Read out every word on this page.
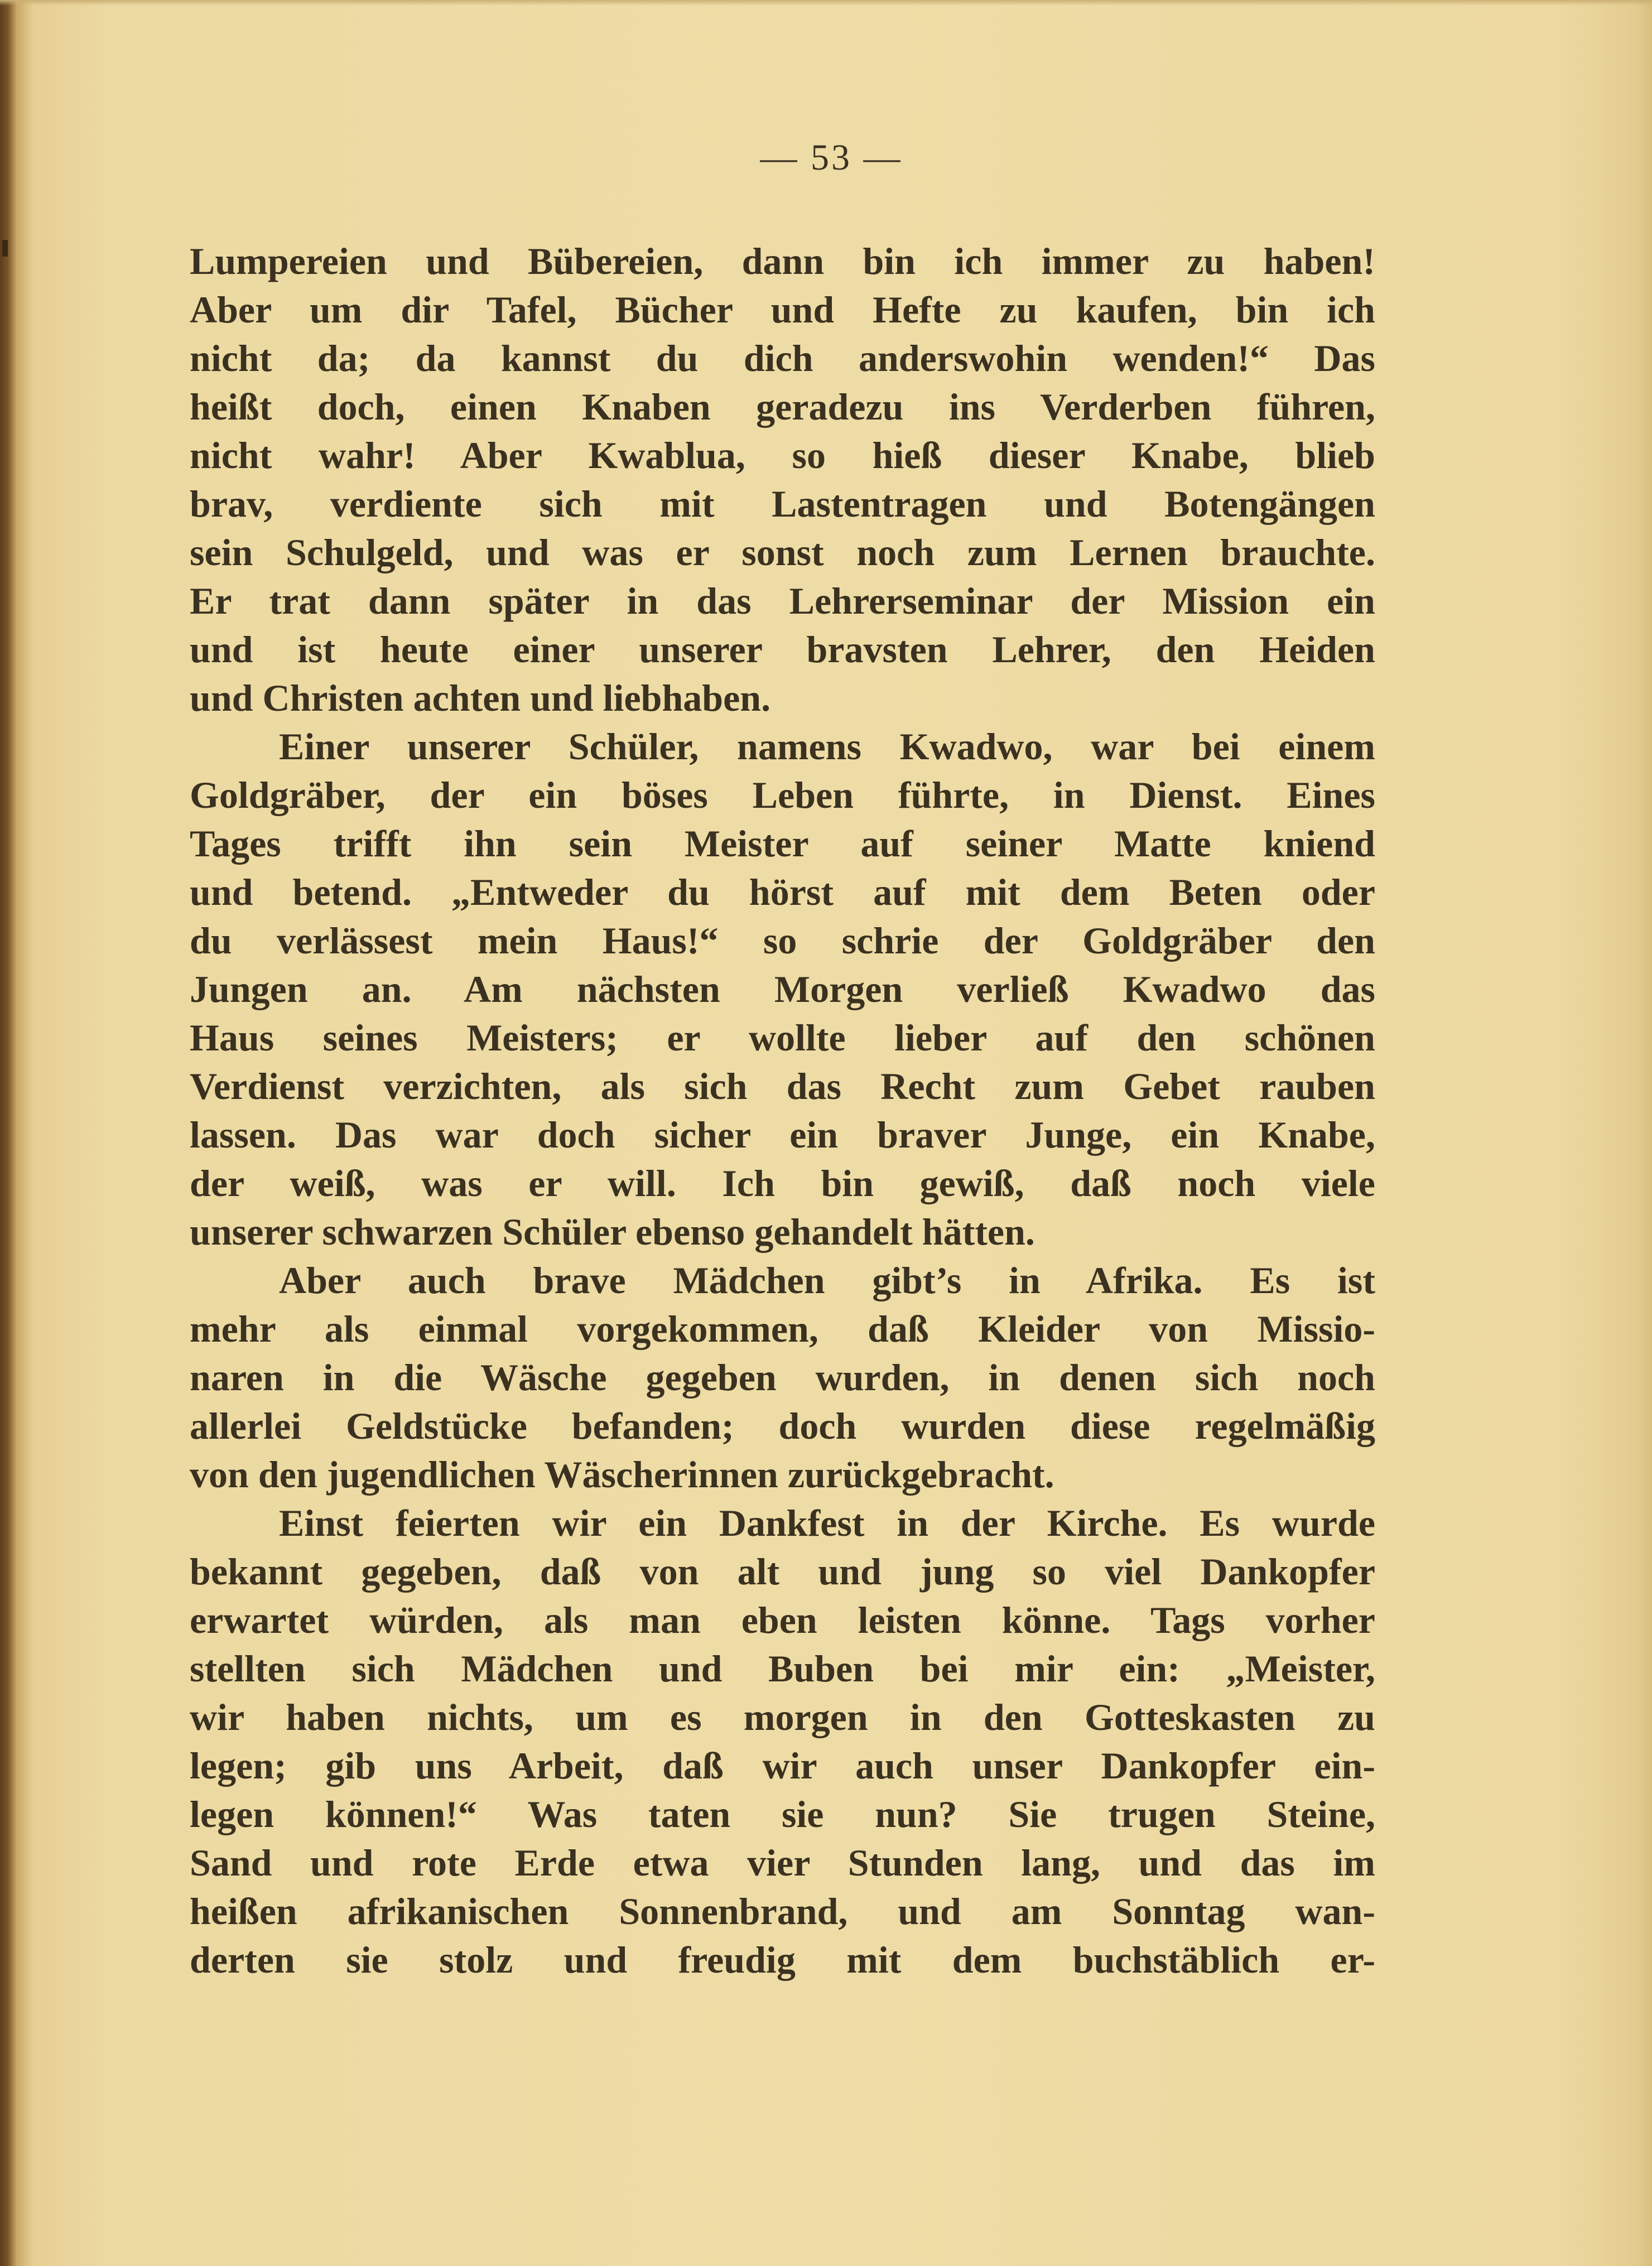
— 53 —
Lumpereien und Bübereien, dann bin ich immer zu haben!
Aber um dir Tafel, Bücher und Hefte zu kaufen, bin ich
nicht da; da kannst du dich anderswohin wenden!“ Das
heißt doch, einen Knaben geradezu ins Verderben führen,
nicht wahr! Aber Kwablua, so hieß dieser Knabe, blieb
brav, verdiente sich mit Lastentragen und Botengängen
sein Schulgeld, und was er sonst noch zum Lernen brauchte.
Er trat dann später in das Lehrerseminar der Mission ein
und ist heute einer unserer bravsten Lehrer, den Heiden
und Christen achten und liebhaben.
Einer unserer Schüler, namens Kwadwo, war bei einem
Goldgräber, der ein böses Leben führte, in Dienst. Eines
Tages trifft ihn sein Meister auf seiner Matte kniend
und betend. „Entweder du hörst auf mit dem Beten oder
du verlässest mein Haus!“ so schrie der Goldgräber den
Jungen an. Am nächsten Morgen verließ Kwadwo das
Haus seines Meisters; er wollte lieber auf den schönen
Verdienst verzichten, als sich das Recht zum Gebet rauben
lassen. Das war doch sicher ein braver Junge, ein Knabe,
der weiß, was er will. Ich bin gewiß, daß noch viele
unserer schwarzen Schüler ebenso gehandelt hätten.
Aber auch brave Mädchen gibt’s in Afrika. Es ist
mehr als einmal vorgekommen, daß Kleider von Missio-
naren in die Wäsche gegeben wurden, in denen sich noch
allerlei Geldstücke befanden; doch wurden diese regelmäßig
von den jugendlichen Wäscherinnen zurückgebracht.
Einst feierten wir ein Dankfest in der Kirche. Es wurde
bekannt gegeben, daß von alt und jung so viel Dankopfer
erwartet würden, als man eben leisten könne. Tags vorher
stellten sich Mädchen und Buben bei mir ein: „Meister,
wir haben nichts, um es morgen in den Gotteskasten zu
legen; gib uns Arbeit, daß wir auch unser Dankopfer ein-
legen können!“ Was taten sie nun? Sie trugen Steine,
Sand und rote Erde etwa vier Stunden lang, und das im
heißen afrikanischen Sonnenbrand, und am Sonntag wan-
derten sie stolz und freudig mit dem buchstäblich er-
